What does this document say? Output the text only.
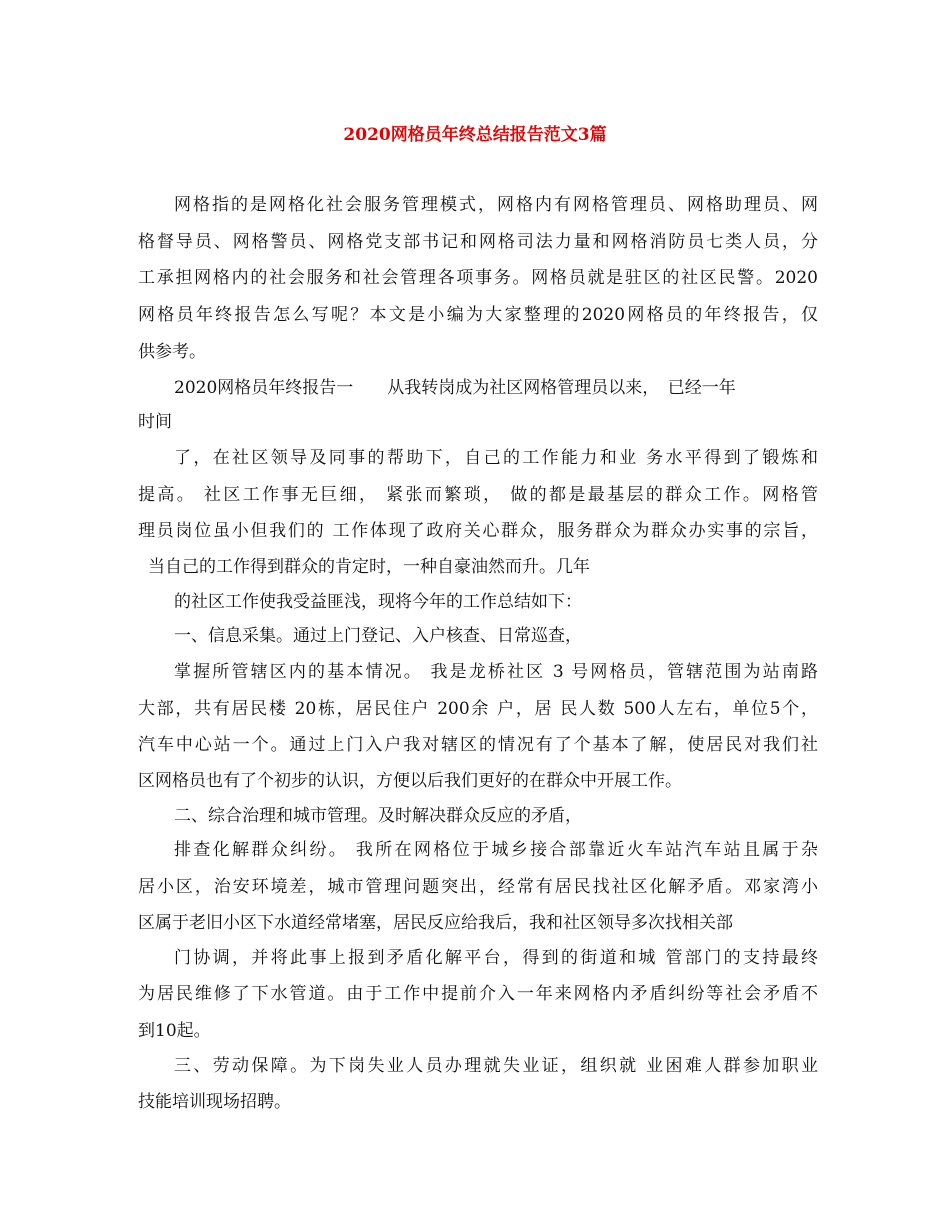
2020网格员年终总结报告范文3篇
网格指的是网格化社会服务管理模式，网格内有网格管理员、网格助理员、网
格督导员、网格警员、网格党支部书记和网格司法力量和网格消防员七类人员，分
工承担网格内的社会服务和社会管理各项事务。网格员就是驻区的社区民警。2020
网格员年终报告怎么写呢？本文是小编为大家整理的2020网格员的年终报告，仅
供参考。
2020网格员年终报告一　　从我转岗成为社区网格管理员以来，　已经一年
时间
了，在社区领导及同事的帮助下，自己的工作能力和业 务水平得到了锻炼和
提高。 社区工作事无巨细， 紧张而繁琐， 做的都是最基层的群众工作。网格管
理员岗位虽小但我们的 工作体现了政府关心群众，服务群众为群众办实事的宗旨，
当自己的工作得到群众的肯定时，一种自豪油然而升。几年
的社区工作使我受益匪浅，现将今年的工作总结如下：
一、信息采集。通过上门登记、入户核查、日常巡查，
掌握所管辖区内的基本情况。 我是龙桥社区 3 号网格员，管辖范围为站南路
大部，共有居民楼 20栋，居民住户 200余 户，居 民人数 500人左右，单位5个，
汽车中心站一个。通过上门入户我对辖区的情况有了个基本了解，使居民对我们社
区网格员也有了个初步的认识，方便以后我们更好的在群众中开展工作。
二、综合治理和城市管理。及时解决群众反应的矛盾，
排查化解群众纠纷。 我所在网格位于城乡接合部靠近火车站汽车站且属于杂
居小区，治安环境差，城市管理问题突出，经常有居民找社区化解矛盾。邓家湾小
区属于老旧小区下水道经常堵塞，居民反应给我后，我和社区领导多次找相关部
门协调，并将此事上报到矛盾化解平台，得到的街道和城 管部门的支持最终
为居民维修了下水管道。由于工作中提前介入一年来网格内矛盾纠纷等社会矛盾不
到10起。
三、劳动保障。为下岗失业人员办理就失业证，组织就 业困难人群参加职业
技能培训现场招聘。
